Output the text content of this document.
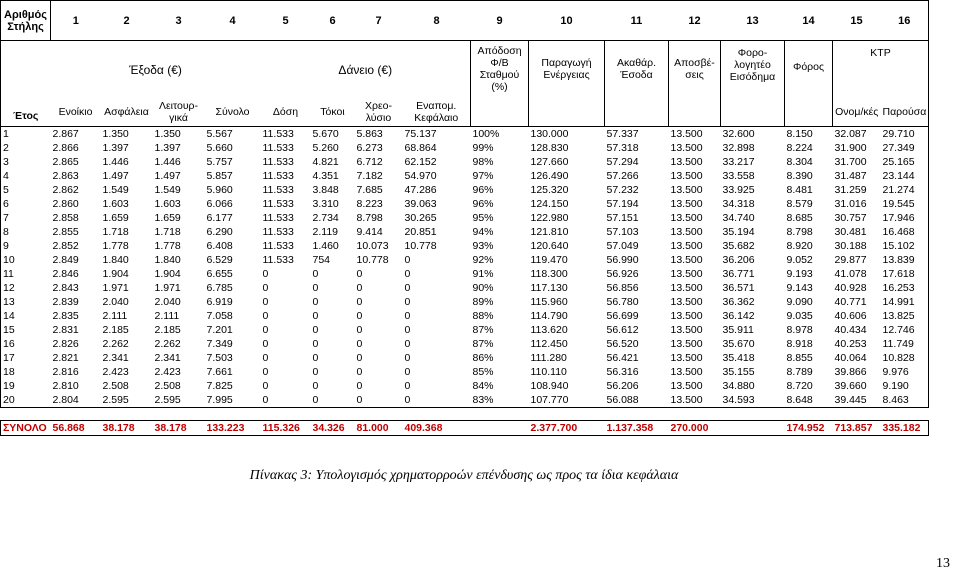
Αριθμός Στήλης	1	2	3	4	5	6	7	8	9	10	11	12	13	14	15	16
Έτος	Έξοδα (€)				Δάνειο (€)				Απόδοση Φ/Β Σταθμού (%)	Παραγωγή Ενέργειας	Ακαθάρ. Έσοδα	Αποσβέ-σεις	Φορο-λογητέο Εισόδημα	Φόρος	ΚΤΡ	
	Ενοίκιο	Ασφάλεια	Λειτουρ-γικά	Σύνολο	Δόση	Τόκοι	Χρεο-λύσιο	Εναπομ. Κεφάλαιο							Ονομ/κές	Παρούσα
1	2.867	1.350	1.350	5.567	11.533	5.670	5.863	75.137	100%	130.000	57.337	13.500	32.600	8.150	32.087	29.710
2	2.866	1.397	1.397	5.660	11.533	5.260	6.273	68.864	99%	128.830	57.318	13.500	32.898	8.224	31.900	27.349
3	2.865	1.446	1.446	5.757	11.533	4.821	6.712	62.152	98%	127.660	57.294	13.500	33.217	8.304	31.700	25.165
4	2.863	1.497	1.497	5.857	11.533	4.351	7.182	54.970	97%	126.490	57.266	13.500	33.558	8.390	31.487	23.144
5	2.862	1.549	1.549	5.960	11.533	3.848	7.685	47.286	96%	125.320	57.232	13.500	33.925	8.481	31.259	21.274
6	2.860	1.603	1.603	6.066	11.533	3.310	8.223	39.063	96%	124.150	57.194	13.500	34.318	8.579	31.016	19.545
7	2.858	1.659	1.659	6.177	11.533	2.734	8.798	30.265	95%	122.980	57.151	13.500	34.740	8.685	30.757	17.946
8	2.855	1.718	1.718	6.290	11.533	2.119	9.414	20.851	94%	121.810	57.103	13.500	35.194	8.798	30.481	16.468
9	2.852	1.778	1.778	6.408	11.533	1.460	10.073	10.778	93%	120.640	57.049	13.500	35.682	8.920	30.188	15.102
10	2.849	1.840	1.840	6.529	11.533	754	10.778	0	92%	119.470	56.990	13.500	36.206	9.052	29.877	13.839
11	2.846	1.904	1.904	6.655	0	0	0	0	91%	118.300	56.926	13.500	36.771	9.193	41.078	17.618
12	2.843	1.971	1.971	6.785	0	0	0	0	90%	117.130	56.856	13.500	36.571	9.143	40.928	16.253
13	2.839	2.040	2.040	6.919	0	0	0	0	89%	115.960	56.780	13.500	36.362	9.090	40.771	14.991
14	2.835	2.111	2.111	7.058	0	0	0	0	88%	114.790	56.699	13.500	36.142	9.035	40.606	13.825
15	2.831	2.185	2.185	7.201	0	0	0	0	87%	113.620	56.612	13.500	35.911	8.978	40.434	12.746
16	2.826	2.262	2.262	7.349	0	0	0	0	87%	112.450	56.520	13.500	35.670	8.918	40.253	11.749
17	2.821	2.341	2.341	7.503	0	0	0	0	86%	111.280	56.421	13.500	35.418	8.855	40.064	10.828
18	2.816	2.423	2.423	7.661	0	0	0	0	85%	110.110	56.316	13.500	35.155	8.789	39.866	9.976
19	2.810	2.508	2.508	7.825	0	0	0	0	84%	108.940	56.206	13.500	34.880	8.720	39.660	9.190
20	2.804	2.595	2.595	7.995	0	0	0	0	83%	107.770	56.088	13.500	34.593	8.648	39.445	8.463

ΣΥΝΟΛΟ	56.868	38.178	38.178	133.223	115.326	34.326	81.000	409.368		2.377.700	1.137.358	270.000		174.952	713.857	335.182
Πίνακας 3: Υπολογισμός χρηματορροών επένδυσης ως προς τα ίδια κεφάλαια
13
